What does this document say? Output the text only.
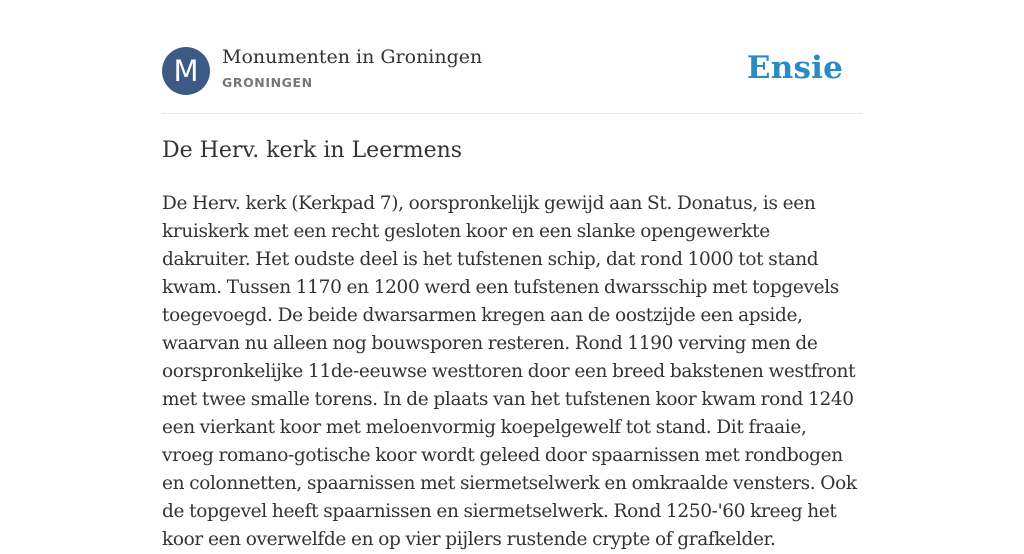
M	Monumenten in Groningen
GRONINGEN	Ensie
De Herv. kerk in Leermens

De Herv. kerk (Kerkpad 7), oorspronkelijk gewijd aan St. Donatus, is een kruiskerk met een recht gesloten koor en een slanke opengewerkte dakruiter. Het oudste deel is het tufstenen schip, dat rond 1000 tot stand kwam. Tussen 1170 en 1200 werd een tufstenen dwarsschip met topgevels toegevoegd. De beide dwarsarmen kregen aan de oostzijde een apside, waarvan nu alleen nog bouwsporen resteren. Rond 1190 verving men de oorspronkelijke 11de-eeuwse westtoren door een breed bakstenen westfront met twee smalle torens. In de plaats van het tufstenen koor kwam rond 1240 een vierkant koor met meloenvormig koepelgewelf tot stand. Dit fraaie, vroeg romano-gotische koor wordt geleed door spaarnissen met rondbogen en colonnetten, spaarnissen met siermetselwerk en omkraalde vensters. Ook de topgevel heeft spaarnissen en siermetselwerk. Rond 1250-'60 kreeg het koor een overwelfde en op vier pijlers rustende crypte of grafkelder.
